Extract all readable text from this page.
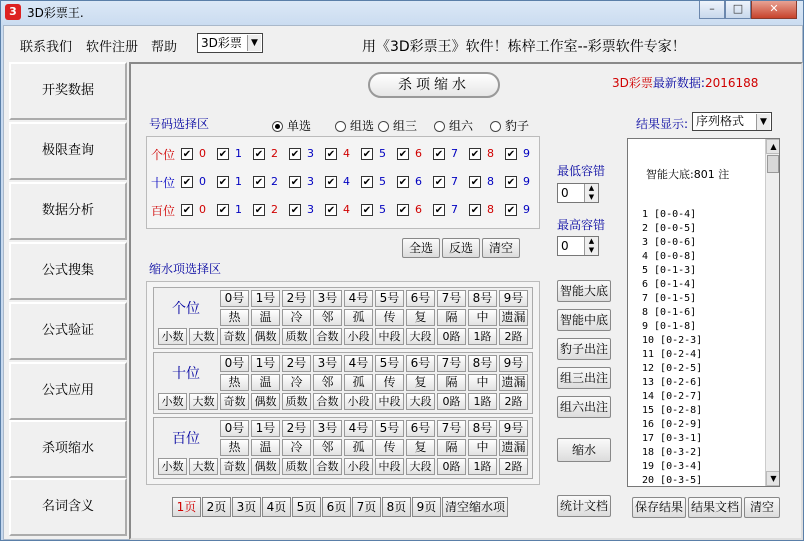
3 3D彩票王.	–	□	✕
联系我们 软件注册 帮助	3D彩票	▼	用《3D彩票王》软件！栋梓工作室--彩票软件专家！
开奖数据
极限查询
数据分析
公式搜集
公式验证
公式应用
杀项缩水
名词含义
杀项缩水	3D彩票最新数据:2016188
号码选择区	单选	组选	组三	组六	豹子
个位 ✔ 0 ✔ 1 ✔ 2 ✔ 3 ✔ 4 ✔ 5 ✔ 6 ✔ 7 ✔ 8 ✔ 9
十位 ✔ 0 ✔ 1 ✔ 2 ✔ 3 ✔ 4 ✔ 5 ✔ 6 ✔ 7 ✔ 8 ✔ 9
百位 ✔ 0 ✔ 1 ✔ 2 ✔ 3 ✔ 4 ✔ 5 ✔ 6 ✔ 7 ✔ 8 ✔ 9
全选	反选	清空
最低容错
0	▲
▼
最高容错
0	▲
▼
缩水项选择区
个位
0号 1号 2号 3号 4号 5号 6号 7号 8号 9号
热	温	冷	邻	孤	传	复	隔	中	遗漏
小数 大数 奇数 偶数 质数 合数 小段 中段 大段	0路	1路	2路
十位
0号 1号 2号 3号 4号 5号 6号 7号 8号 9号
热	温	冷	邻	孤	传	复	隔	中	遗漏
小数 大数 奇数 偶数 质数 合数 小段 中段 大段	0路	1路	2路
百位
0号 1号 2号 3号 4号 5号 6号 7号 8号 9号
热	温	冷	邻	孤	传	复	隔	中	遗漏
小数 大数 奇数 偶数 质数 合数 小段 中段 大段	0路	1路	2路
智能大底
智能中底
豹子出注
组三出注
组六出注
缩水
1页 2页 3页 4页 5页 6页 7页 8页 9页 清空缩水项	统计文档 保存结果 结果文档 清空
结果显示: 序列格式	▼
智能大底:801 注
1 [0-0-4]
2 [0-0-5]
3 [0-0-6]
4 [0-0-8]
5 [0-1-3]
6 [0-1-4]
7 [0-1-5]
8 [0-1-6]
9 [0-1-8]
10 [0-2-3]
11 [0-2-4]
12 [0-2-5]
13 [0-2-6]
14 [0-2-7]
15 [0-2-8]
16 [0-2-9]
17 [0-3-1]
18 [0-3-2]
19 [0-3-4]
20 [0-3-5]
▲
▼
